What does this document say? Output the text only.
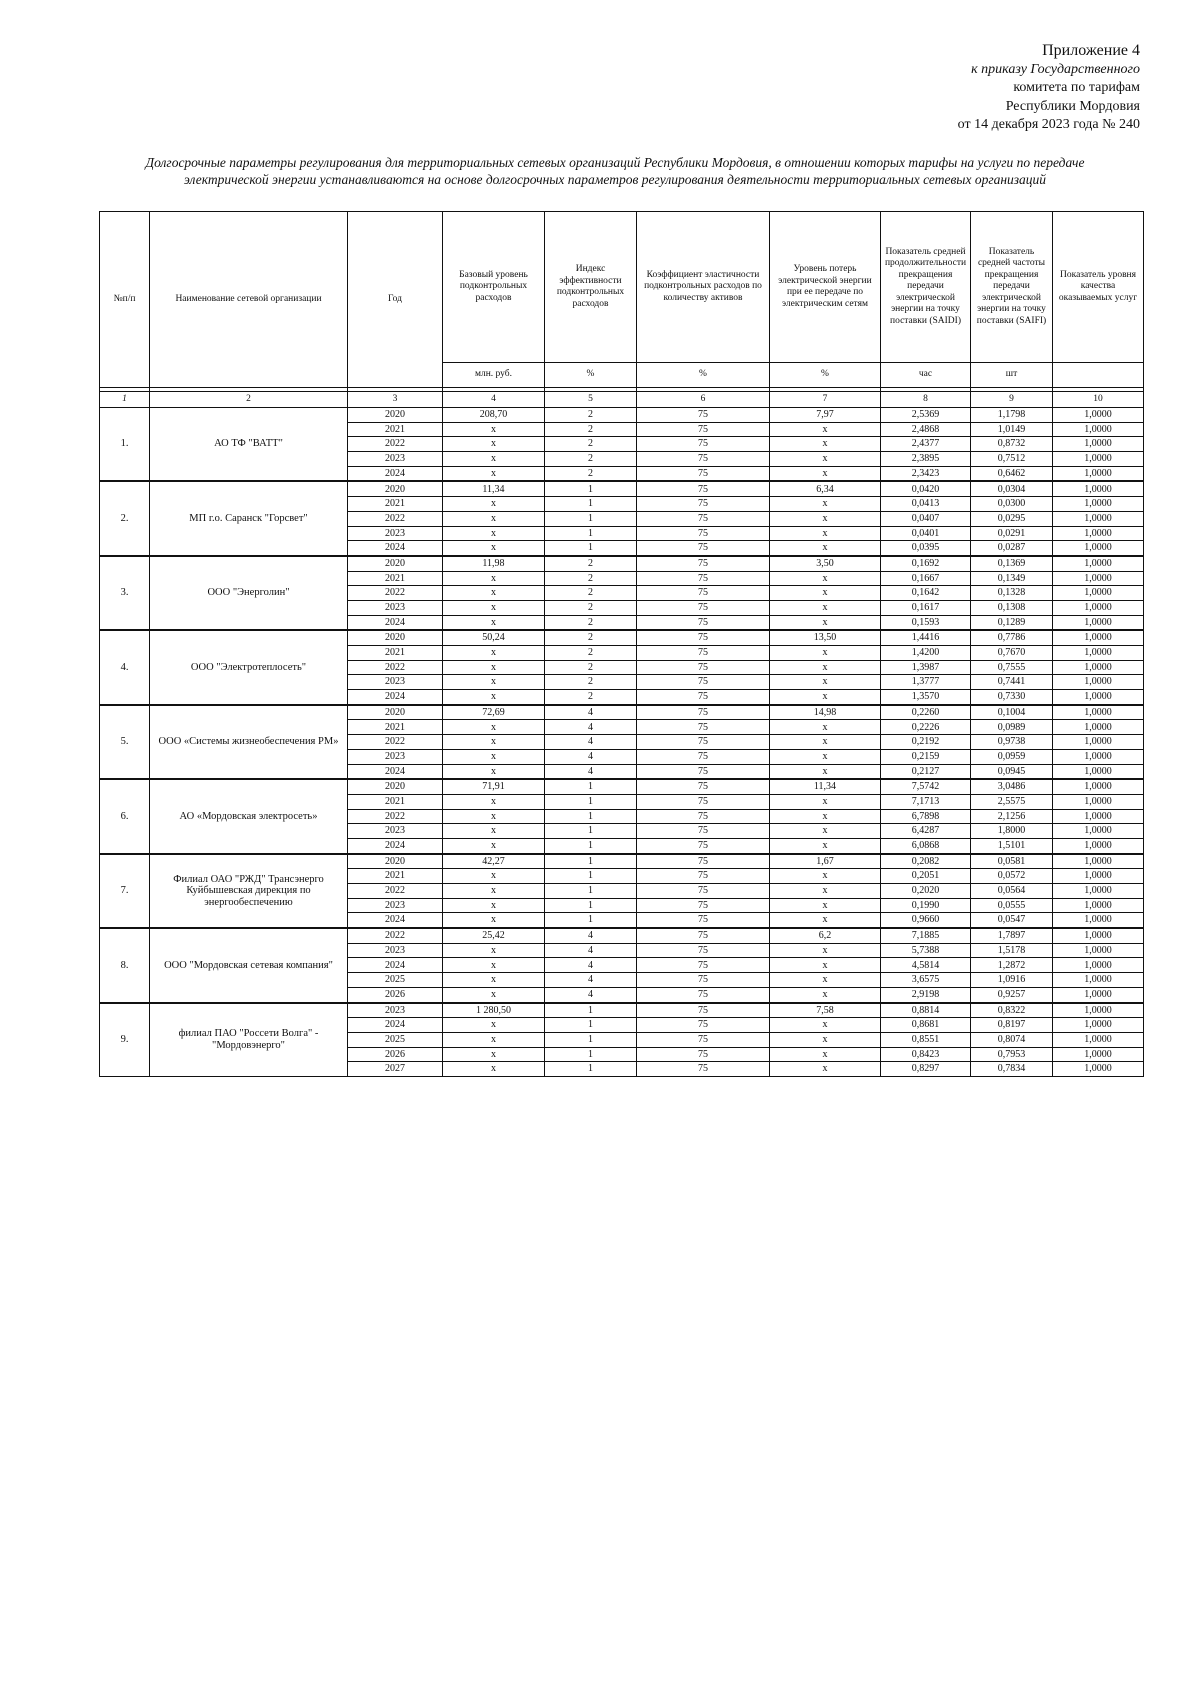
Приложение 4
к приказу Государственного
комитета по тарифам
Республики Мордовия
от 14 декабря 2023 года № 240
Долгосрочные параметры регулирования для территориальных сетевых организаций Республики Мордовия, в отношении которых тарифы на услуги по передаче электрической энергии устанавливаются на основе долгосрочных параметров регулирования деятельности территориальных сетевых организаций
№п/п	Наименование сетевой организации	Год	Базовый уровень подконтрольных расходов	Индекс эффективности подконтрольных расходов	Коэффициент эластичности подконтрольных расходов по количеству активов	Уровень потерь электрической энергии при ее передаче по электрическим сетям	Показатель средней продолжительности прекращения передачи электрической энергии на точку поставки (SAIDI)	Показатель средней частоты прекращения передачи электрической энергии на точку поставки (SAIFI)	Показатель уровня качества оказываемых услуг
			млн. руб.	%	%	%	час	шт	

1	2	3	4	5	6	7	8	9	10
1.	АО ТФ "ВАТТ"	2020	208,70	2	75	7,97	2,5369	1,1798	1,0000
		2021	x	2	75	x	2,4868	1,0149	1,0000
		2022	x	2	75	x	2,4377	0,8732	1,0000
		2023	x	2	75	x	2,3895	0,7512	1,0000
		2024	x	2	75	x	2,3423	0,6462	1,0000
2.	МП г.о. Саранск "Горсвет"	2020	11,34	1	75	6,34	0,0420	0,0304	1,0000
		2021	x	1	75	x	0,0413	0,0300	1,0000
		2022	x	1	75	x	0,0407	0,0295	1,0000
		2023	x	1	75	x	0,0401	0,0291	1,0000
		2024	x	1	75	x	0,0395	0,0287	1,0000
3.	ООО "Энерголин"	2020	11,98	2	75	3,50	0,1692	0,1369	1,0000
		2021	x	2	75	x	0,1667	0,1349	1,0000
		2022	x	2	75	x	0,1642	0,1328	1,0000
		2023	x	2	75	x	0,1617	0,1308	1,0000
		2024	x	2	75	x	0,1593	0,1289	1,0000
4.	ООО "Электротеплосеть"	2020	50,24	2	75	13,50	1,4416	0,7786	1,0000
		2021	x	2	75	x	1,4200	0,7670	1,0000
		2022	x	2	75	x	1,3987	0,7555	1,0000
		2023	x	2	75	x	1,3777	0,7441	1,0000
		2024	x	2	75	x	1,3570	0,7330	1,0000
5.	ООО «Системы жизнеобеспечения РМ»	2020	72,69	4	75	14,98	0,2260	0,1004	1,0000
		2021	x	4	75	x	0,2226	0,0989	1,0000
		2022	x	4	75	x	0,2192	0,9738	1,0000
		2023	x	4	75	x	0,2159	0,0959	1,0000
		2024	x	4	75	x	0,2127	0,0945	1,0000
6.	АО «Мордовская электросеть»	2020	71,91	1	75	11,34	7,5742	3,0486	1,0000
		2021	x	1	75	x	7,1713	2,5575	1,0000
		2022	x	1	75	x	6,7898	2,1256	1,0000
		2023	x	1	75	x	6,4287	1,8000	1,0000
		2024	x	1	75	x	6,0868	1,5101	1,0000
7.	Филиал ОАО "РЖД" Трансэнерго Куйбышевская дирекция по энергообеспечению	2020	42,27	1	75	1,67	0,2082	0,0581	1,0000
		2021	x	1	75	x	0,2051	0,0572	1,0000
		2022	x	1	75	x	0,2020	0,0564	1,0000
		2023	x	1	75	x	0,1990	0,0555	1,0000
		2024	x	1	75	x	0,9660	0,0547	1,0000
8.	ООО "Мордовская сетевая компания"	2022	25,42	4	75	6,2	7,1885	1,7897	1,0000
		2023	x	4	75	x	5,7388	1,5178	1,0000
		2024	x	4	75	x	4,5814	1,2872	1,0000
		2025	x	4	75	x	3,6575	1,0916	1,0000
		2026	x	4	75	x	2,9198	0,9257	1,0000
9.	филиал ПАО "Россети Волга" - "Мордовэнерго"	2023	1 280,50	1	75	7,58	0,8814	0,8322	1,0000
		2024	x	1	75	x	0,8681	0,8197	1,0000
		2025	x	1	75	x	0,8551	0,8074	1,0000
		2026	x	1	75	x	0,8423	0,7953	1,0000
		2027	x	1	75	x	0,8297	0,7834	1,0000
